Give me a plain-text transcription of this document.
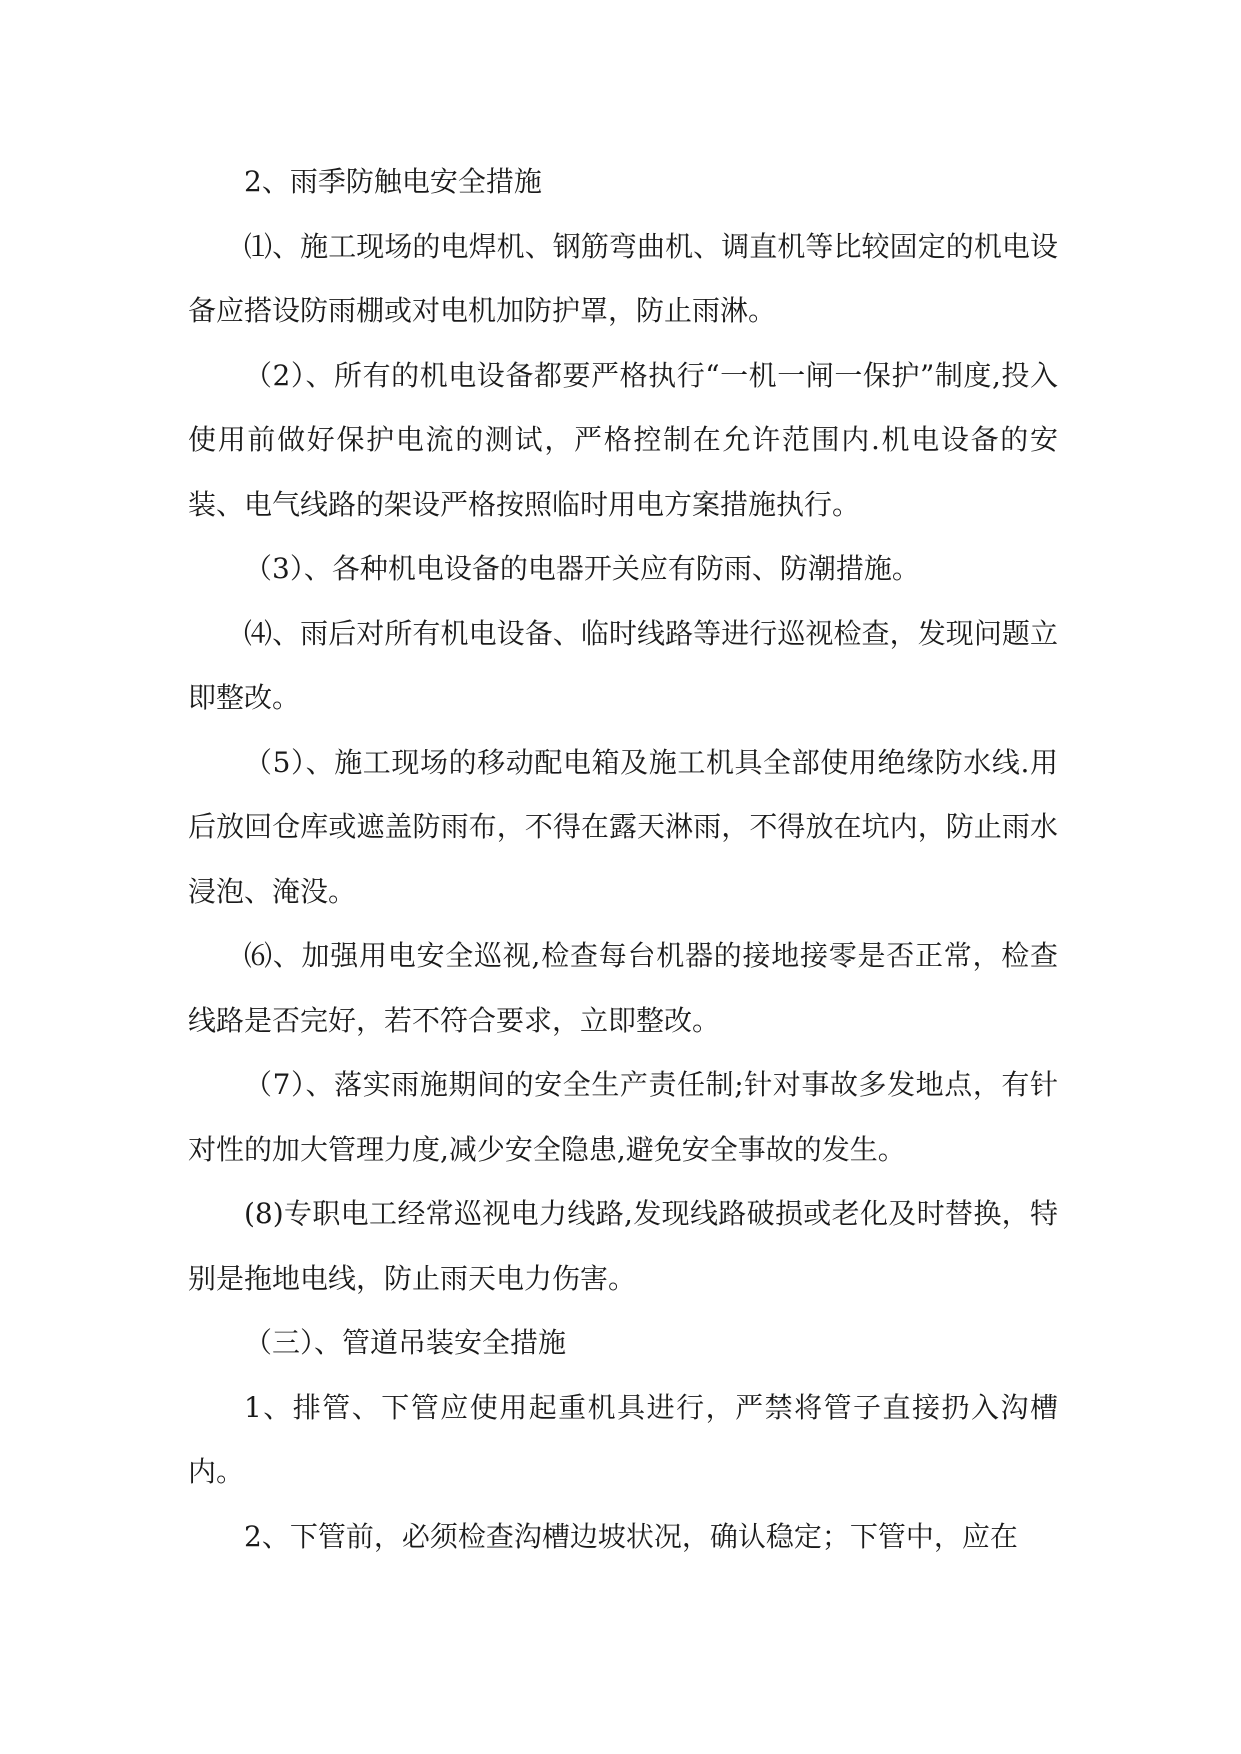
2、雨季防触电安全措施

⑴、施工现场的电焊机、钢筋弯曲机、调直机等比较固定的机电设备应搭设防雨棚或对电机加防护罩，防止雨淋。

（2）、所有的机电设备都要严格执行“一机一闸一保护”制度,投入使用前做好保护电流的测试，严格控制在允许范围内.机电设备的安装、电气线路的架设严格按照临时用电方案措施执行。

（3）、各种机电设备的电器开关应有防雨、防潮措施。

⑷、雨后对所有机电设备、临时线路等进行巡视检查，发现问题立即整改。

（5）、施工现场的移动配电箱及施工机具全部使用绝缘防水线.用后放回仓库或遮盖防雨布，不得在露天淋雨，不得放在坑内，防止雨水浸泡、淹没。

⑹、加强用电安全巡视,检查每台机器的接地接零是否正常，检查线路是否完好，若不符合要求，立即整改。

（7）、落实雨施期间的安全生产责任制;针对事故多发地点，有针对性的加大管理力度,减少安全隐患,避免安全事故的发生。

(8)专职电工经常巡视电力线路,发现线路破损或老化及时替换，特别是拖地电线，防止雨天电力伤害。

（三）、管道吊装安全措施

1、排管、下管应使用起重机具进行，严禁将管子直接扔入沟槽内。

2、下管前，必须检查沟槽边坡状况，确认稳定；下管中，应在
